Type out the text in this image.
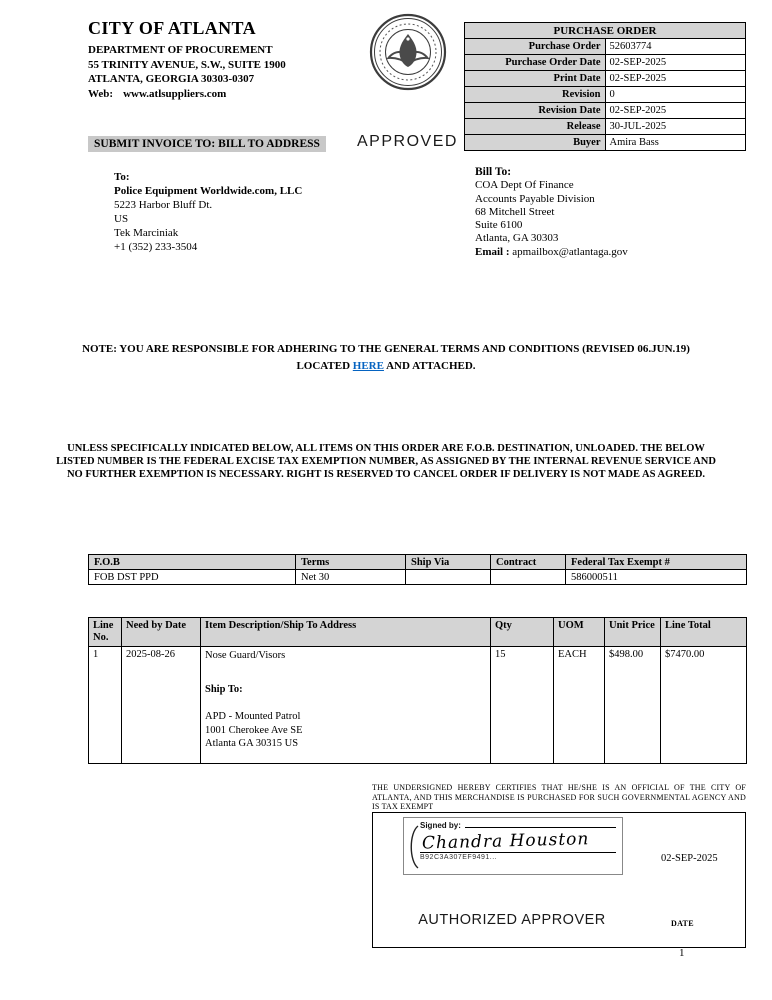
CITY OF ATLANTA
DEPARTMENT OF PROCUREMENT
55 TRINITY AVENUE, S.W., SUITE 1900
ATLANTA, GEORGIA 30303-0307
Web: www.atlsuppliers.com
PURCHASE ORDER	
Purchase Order	52603774
Purchase Order Date	02-SEP-2025
Print Date	02-SEP-2025
Revision	0
Revision Date	02-SEP-2025
Release	30-JUL-2025
Buyer	Amira Bass
SUBMIT INVOICE TO: BILL TO ADDRESS	APPROVED
To:
Police Equipment Worldwide.com, LLC
5223 Harbor Bluff Dt.
US
Tek Marciniak
+1 (352) 233-3504
Bill To:
COA Dept Of Finance
Accounts Payable Division
68 Mitchell Street
Suite 6100
Atlanta, GA 30303
Email : apmailbox@atlantaga.gov
NOTE: YOU ARE RESPONSIBLE FOR ADHERING TO THE GENERAL TERMS AND CONDITIONS (REVISED 06.JUN.19)
LOCATED HERE AND ATTACHED.
UNLESS SPECIFICALLY INDICATED BELOW, ALL ITEMS ON THIS ORDER ARE F.O.B. DESTINATION, UNLOADED. THE BELOW
LISTED NUMBER IS THE FEDERAL EXCISE TAX EXEMPTION NUMBER, AS ASSIGNED BY THE INTERNAL REVENUE SERVICE AND
NO FURTHER EXEMPTION IS NECESSARY. RIGHT IS RESERVED TO CANCEL ORDER IF DELIVERY IS NOT MADE AS AGREED.
F.O.B	Terms	Ship Via	Contract	Federal Tax Exempt #
FOB DST PPD	Net 30			586000511
Line No.	Need by Date	Item Description/Ship To Address	Qty	UOM	Unit Price	Line Total
1	2025-08-26	Nose Guard/Visors
Ship To:
APD - Mounted Patrol
1001 Cherokee Ave SE
Atlanta GA 30315 US	15	EACH	$498.00	$7470.00
THE UNDERSIGNED HEREBY CERTIFIES THAT HE/SHE IS AN OFFICIAL OF THE CITY OF ATLANTA, AND THIS MERCHANDISE IS PURCHASED FOR SUCH GOVERNMENTAL AGENCY AND IS TAX EXEMPT
Signed by:
Chandra Houston
B92C3A307EF9491...	02-SEP-2025
AUTHORIZED APPROVER	DATE
1
